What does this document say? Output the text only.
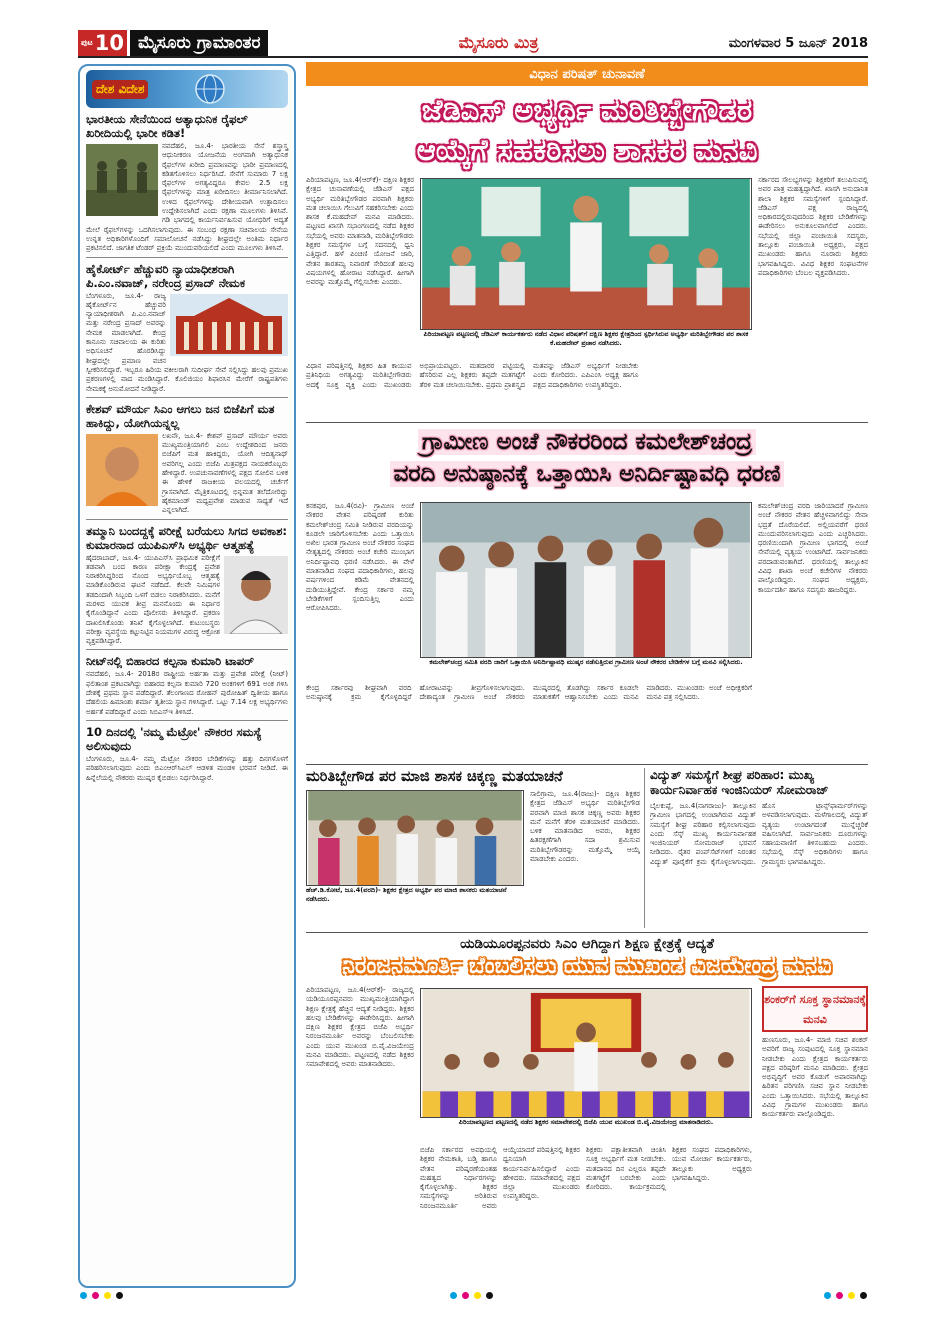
ಪುಟ 10 ಮೈಸೂರು ಗ್ರಾಮಾಂತರ	ಮೈಸೂರು ಮಿತ್ರ	ಮಂಗಳವಾರ 5 ಜೂನ್ 2018
ದೇಶ ವಿದೇಶ
ಭಾರತೀಯ ಸೇನೆಯಿಂದ ಅತ್ಯಾಧುನಿಕ ರೈಫಲ್ ಖರೀದಿಯಲ್ಲಿ ಭಾರೀ ಕಡಿತ!
ನವದೆಹಲಿ, ಜೂ.4- ಭಾರತೀಯ ಸೇನೆ ಶಸ್ತ್ರಾಸ್ತ್ರ ಆಧುನೀಕರಣ ಯೋಜನೆಯ ಅಂಗವಾಗಿ ಅತ್ಯಾಧುನಿಕ ರೈಫಲ್‌ಗಳ ಖರೀದಿ ಪ್ರಮಾಣವನ್ನು ಭಾರೀ ಪ್ರಮಾಣದಲ್ಲಿ ಕಡಿತಗೊಳಿಸಲು ನಿರ್ಧರಿಸಿದೆ. ಸೇನೆಗೆ ಸುಮಾರು 7 ಲಕ್ಷ ರೈಫಲ್‌ಗಳ ಅಗತ್ಯವಿದ್ದರೂ ಕೇವಲ 2.5 ಲಕ್ಷ ರೈಫಲ್‌ಗಳನ್ನು ಮಾತ್ರ ಖರೀದಿಸಲು ತೀರ್ಮಾನಿಸಲಾಗಿದೆ. ಉಳಿದ ರೈಫಲ್‌ಗಳನ್ನು ದೇಶೀಯವಾಗಿ ಉತ್ಪಾದಿಸಲು ಉದ್ದೇಶಿಸಲಾಗಿದೆ ಎಂದು ರಕ್ಷಣಾ ಮೂಲಗಳು ತಿಳಿಸಿವೆ. ಗಡಿ ಭಾಗದಲ್ಲಿ ಕಾರ್ಯನಿರ್ವಹಿಸುವ ಯೋಧರಿಗೆ ಆದ್ಯತೆ ಮೇಲೆ ರೈಫಲ್‌ಗಳನ್ನು ಒದಗಿಸಲಾಗುವುದು. ಈ ಸಂಬಂಧ ರಕ್ಷಣಾ ಸಚಿವಾಲಯ ಸೇನೆಯ ಉನ್ನತ ಅಧಿಕಾರಿಗಳೊಂದಿಗೆ ಸಮಾಲೋಚನೆ ನಡೆಸಿದ್ದು ಶೀಘ್ರದಲ್ಲೇ ಅಂತಿಮ ನಿರ್ಧಾರ ಪ್ರಕಟಿಸಲಿದೆ. ಜಾಗತಿಕ ಟೆಂಡರ್ ಪ್ರಕ್ರಿಯೆ ಮುಂದುವರಿಯಲಿದೆ ಎಂದು ಮೂಲಗಳು ತಿಳಿಸಿವೆ.
ಹೈಕೋರ್ಟ್ ಹೆಚ್ಚುವರಿ ನ್ಯಾಯಾಧೀಶರಾಗಿ ಪಿ.ಎಂ.ನವಾಜ್, ನರೇಂದ್ರ ಪ್ರಸಾದ್ ನೇಮಕ
ಬೆಂಗಳೂರು, ಜೂ.4- ರಾಜ್ಯ ಹೈಕೋರ್ಟ್‌ನ ಹೆಚ್ಚುವರಿ ನ್ಯಾಯಾಧೀಶರಾಗಿ ಪಿ.ಎಂ.ನವಾಜ್ ಮತ್ತು ನರೇಂದ್ರ ಪ್ರಸಾದ್ ಅವರನ್ನು ನೇಮಕ ಮಾಡಲಾಗಿದೆ. ಕೇಂದ್ರ ಕಾನೂನು ಸಚಿವಾಲಯ ಈ ಕುರಿತು ಅಧಿಸೂಚನೆ ಹೊರಡಿಸಿದ್ದು ಶೀಘ್ರದಲ್ಲೇ ಪ್ರಮಾಣ ವಚನ ಸ್ವೀಕರಿಸಲಿದ್ದಾರೆ. ಇಬ್ಬರೂ ಹಿರಿಯ ವಕೀಲರಾಗಿ ಸುದೀರ್ಘ ಸೇವೆ ಸಲ್ಲಿಸಿದ್ದು ಹಲವು ಪ್ರಮುಖ ಪ್ರಕರಣಗಳಲ್ಲಿ ವಾದ ಮಂಡಿಸಿದ್ದಾರೆ. ಕೊಲಿಜಿಯಂ ಶಿಫಾರಸಿನ ಮೇರೆಗೆ ರಾಷ್ಟ್ರಪತಿಗಳು ನೇಮಕಕ್ಕೆ ಅನುಮೋದನೆ ನೀಡಿದ್ದಾರೆ.
ಕೇಶವ್ ಮೌರ್ಯ ಸಿಎಂ ಆಗಲು ಜನ ಬಿಜೆಪಿಗೆ ಮತ ಹಾಕಿದ್ದು, ಯೋಗಿಯನ್ನಲ್ಲ
ಲಖನೌ, ಜೂ.4- ಕೇಶವ್ ಪ್ರಸಾದ್ ಮೌರ್ಯ ಅವರು ಮುಖ್ಯಮಂತ್ರಿಯಾಗಲಿ ಎಂಬ ಉದ್ದೇಶದಿಂದ ಜನರು ಬಿಜೆಪಿಗೆ ಮತ ಹಾಕಿದ್ದರು, ಯೋಗಿ ಆದಿತ್ಯನಾಥ್ ಅವರಿಗಲ್ಲ ಎಂದು ಬಿಜೆಪಿ ಮಿತ್ರಪಕ್ಷದ ನಾಯಕರೊಬ್ಬರು ಹೇಳಿದ್ದಾರೆ. ಉಪಚುನಾವಣೆಗಳಲ್ಲಿ ಪಕ್ಷದ ಸೋಲಿನ ಬಳಿಕ ಈ ಹೇಳಿಕೆ ರಾಜಕೀಯ ವಲಯದಲ್ಲಿ ಚರ್ಚೆಗೆ ಗ್ರಾಸವಾಗಿದೆ. ಮೈತ್ರಿಕೂಟದಲ್ಲಿ ಭಿನ್ನಮತ ತಲೆದೋರಿದ್ದು ಹೈಕಮಾಂಡ್ ಮಧ್ಯಪ್ರವೇಶ ಮಾಡುವ ಸಾಧ್ಯತೆ ಇದೆ ಎನ್ನಲಾಗಿದೆ.
ತಮ್ಮಾನಿ ಬಂದದ್ದಕ್ಕೆ ಪರೀಕ್ಷೆ ಬರೆಯಲು ಸಿಗದ ಅವಕಾಶ: ಕುಮಾರನಾದ ಯುಪಿಎಸ್‌ಸಿ ಅಭ್ಯರ್ಥಿ ಆತ್ಮಹತ್ಯೆ
ಹೈದರಾಬಾದ್, ಜೂ.4- ಯುಪಿಎಸ್‌ಸಿ ಪ್ರಾಥಮಿಕ ಪರೀಕ್ಷೆಗೆ ತಡವಾಗಿ ಬಂದ ಕಾರಣ ಪರೀಕ್ಷಾ ಕೇಂದ್ರಕ್ಕೆ ಪ್ರವೇಶ ನಿರಾಕರಿಸಿದ್ದರಿಂದ ನೊಂದ ಅಭ್ಯರ್ಥಿಯೊಬ್ಬ ಆತ್ಮಹತ್ಯೆ ಮಾಡಿಕೊಂಡಿರುವ ಘಟನೆ ನಡೆದಿದೆ. ಕೆಲವೇ ನಿಮಿಷಗಳ ತಡದಿಂದಾಗಿ ಸಿಬ್ಬಂದಿ ಒಳಗೆ ಬಿಡಲು ನಿರಾಕರಿಸಿದರು. ಮನೆಗೆ ಮರಳಿದ ಯುವಕ ತೀವ್ರ ಮನನೊಂದು ಈ ನಿರ್ಧಾರ ಕೈಗೊಂಡಿದ್ದಾನೆ ಎಂದು ಪೊಲೀಸರು ತಿಳಿಸಿದ್ದಾರೆ. ಪ್ರಕರಣ ದಾಖಲಿಸಿಕೊಂಡು ತನಿಖೆ ಕೈಗೊಳ್ಳಲಾಗಿದೆ. ಕುಟುಂಬಸ್ಥರು ಪರೀಕ್ಷಾ ವ್ಯವಸ್ಥೆಯ ಕಟ್ಟುನಿಟ್ಟಿನ ನಿಯಮಗಳ ವಿರುದ್ಧ ಆಕ್ರೋಶ ವ್ಯಕ್ತಪಡಿಸಿದ್ದಾರೆ.
ನೀಟ್‌ನಲ್ಲಿ ಬಿಹಾರದ ಕಲ್ಪನಾ ಕುಮಾರಿ ಟಾಪರ್
ನವದೆಹಲಿ, ಜೂ.4- 2018ರ ರಾಷ್ಟ್ರೀಯ ಅರ್ಹತಾ ಮತ್ತು ಪ್ರವೇಶ ಪರೀಕ್ಷೆ (ನೀಟ್) ಫಲಿತಾಂಶ ಪ್ರಕಟವಾಗಿದ್ದು ಬಿಹಾರದ ಕಲ್ಪನಾ ಕುಮಾರಿ 720 ಅಂಕಗಳಿಗೆ 691 ಅಂಕ ಗಳಿಸಿ ದೇಶಕ್ಕೆ ಪ್ರಥಮ ಸ್ಥಾನ ಪಡೆದಿದ್ದಾರೆ. ತೆಲಂಗಾಣದ ರೋಹನ್ ಪುರೋಹಿತ್ ದ್ವಿತೀಯ ಹಾಗೂ ದೆಹಲಿಯ ಹಿಮಾಂಶು ಶರ್ಮಾ ತೃತೀಯ ಸ್ಥಾನ ಗಳಿಸಿದ್ದಾರೆ. ಒಟ್ಟು 7.14 ಲಕ್ಷ ಅಭ್ಯರ್ಥಿಗಳು ಅರ್ಹತೆ ಪಡೆದಿದ್ದಾರೆ ಎಂದು ಸಿಬಿಎಸ್‌ಇ ತಿಳಿಸಿದೆ.
10 ದಿನದಲ್ಲಿ 'ನಮ್ಮ ಮೆಟ್ರೋ' ನೌಕರರ ಸಮಸ್ಯೆ ಅಲಿಸುವುದು
ಬೆಂಗಳೂರು, ಜೂ.4- ನಮ್ಮ ಮೆಟ್ರೋ ನೌಕರರ ಬೇಡಿಕೆಗಳನ್ನು ಹತ್ತು ದಿನಗಳೊಳಗೆ ಪರಿಹರಿಸಲಾಗುವುದು ಎಂದು ಬಿಎಂಆರ್‌ಸಿಎಲ್ ಆಡಳಿತ ಮಂಡಳಿ ಭರವಸೆ ನೀಡಿದೆ. ಈ ಹಿನ್ನೆಲೆಯಲ್ಲಿ ನೌಕರರು ಮುಷ್ಕರ ಕೈಬಿಡಲು ನಿರ್ಧರಿಸಿದ್ದಾರೆ.
ವಿಧಾನ ಪರಿಷತ್ ಚುನಾವಣೆ
ಜೆಡಿಎಸ್ ಅಭ್ಯರ್ಥಿ ಮರಿತಿಬ್ಬೇಗೌಡರ
ಆಯ್ಕೆಗೆ ಸಹಕರಿಸಲು ಶಾಸಕರ ಮನವಿ
ಪಿರಿಯಾಪಟ್ಟಣ, ಜೂ.4(ಆರ್‌ಕೆ)- ದಕ್ಷಿಣ ಶಿಕ್ಷಕರ ಕ್ಷೇತ್ರದ ಚುನಾವಣೆಯಲ್ಲಿ ಜೆಡಿಎಸ್ ಪಕ್ಷದ ಅಭ್ಯರ್ಥಿ ಮರಿತಿಬ್ಬೇಗೌಡರ ಪರವಾಗಿ ಶಿಕ್ಷಕರು ಮತ ಚಲಾಯಿಸಿ ಗೆಲುವಿಗೆ ಸಹಕರಿಸಬೇಕು ಎಂದು ಶಾಸಕ ಕೆ.ಮಹದೇವ್ ಮನವಿ ಮಾಡಿದರು. ಪಟ್ಟಣದ ಖಾಸಗಿ ಸಭಾಂಗಣದಲ್ಲಿ ನಡೆದ ಶಿಕ್ಷಕರ ಸಭೆಯಲ್ಲಿ ಅವರು ಮಾತನಾಡಿ, ಮರಿತಿಬ್ಬೇಗೌಡರು ಶಿಕ್ಷಕರ ಸಮಸ್ಯೆಗಳ ಬಗ್ಗೆ ಸದನದಲ್ಲಿ ಧ್ವನಿ ಎತ್ತಿದ್ದಾರೆ. ಹಳೆ ಪಿಂಚಣಿ ಯೋಜನೆ ಜಾರಿ, ವೇತನ ತಾರತಮ್ಯ ನಿವಾರಣೆ ಸೇರಿದಂತೆ ಹಲವು ವಿಷಯಗಳಲ್ಲಿ ಹೋರಾಟ ನಡೆಸಿದ್ದಾರೆ. ಹೀಗಾಗಿ ಅವರನ್ನು ಮತ್ತೊಮ್ಮೆ ಗೆಲ್ಲಿಸಬೇಕು ಎಂದರು.
ಪಿರಿಯಾಪಟ್ಟಣ ಪಟ್ಟಣದಲ್ಲಿ ಜೆಡಿಎಸ್ ಕಾರ್ಯಕರ್ತರು ನಡೆದ ವಿಧಾನ ಪರಿಷತ್‌ಗೆ ದಕ್ಷಿಣ ಶಿಕ್ಷಕರ ಕ್ಷೇತ್ರದಿಂದ ಸ್ಪರ್ಧಿಸಿರುವ ಅಭ್ಯರ್ಥಿ ಮರಿತಿಬ್ಬೇಗೌಡರ ಪರ ಶಾಸಕ ಕೆ.ಮಹದೇವ್ ಪ್ರಚಾರ ನಡೆಸಿದರು.
ಸರ್ಕಾರದ ಸೌಲಭ್ಯಗಳನ್ನು ಶಿಕ್ಷಕರಿಗೆ ತಲುಪಿಸುವಲ್ಲಿ ಅವರ ಪಾತ್ರ ಮಹತ್ವದ್ದಾಗಿದೆ. ಖಾಸಗಿ ಅನುದಾನಿತ ಶಾಲಾ ಶಿಕ್ಷಕರ ಸಮಸ್ಯೆಗಳಿಗೆ ಸ್ಪಂದಿಸಿದ್ದಾರೆ. ಜೆಡಿಎಸ್ ಪಕ್ಷ ರಾಜ್ಯದಲ್ಲಿ ಅಧಿಕಾರದಲ್ಲಿರುವುದರಿಂದ ಶಿಕ್ಷಕರ ಬೇಡಿಕೆಗಳನ್ನು ಈಡೇರಿಸಲು ಅನುಕೂಲವಾಗಲಿದೆ ಎಂದರು. ಸಭೆಯಲ್ಲಿ ಜಿಲ್ಲಾ ಪಂಚಾಯಿತಿ ಸದಸ್ಯರು, ತಾಲ್ಲೂಕು ಪಂಚಾಯಿತಿ ಅಧ್ಯಕ್ಷರು, ಪಕ್ಷದ ಮುಖಂಡರು ಹಾಗೂ ನೂರಾರು ಶಿಕ್ಷಕರು ಭಾಗವಹಿಸಿದ್ದರು. ವಿವಿಧ ಶಿಕ್ಷಕರ ಸಂಘಟನೆಗಳ ಪದಾಧಿಕಾರಿಗಳು ಬೆಂಬಲ ವ್ಯಕ್ತಪಡಿಸಿದರು.
ವಿಧಾನ ಪರಿಷತ್ತಿನಲ್ಲಿ ಶಿಕ್ಷಕರ ಹಿತ ಕಾಯುವ ಪ್ರತಿನಿಧಿಯ ಅಗತ್ಯವಿದ್ದು ಮರಿತಿಬ್ಬೇಗೌಡರು ಅದಕ್ಕೆ ಸೂಕ್ತ ವ್ಯಕ್ತಿ ಎಂದು ಮುಖಂಡರು ಅಭಿಪ್ರಾಯಪಟ್ಟರು. ಮತದಾರರ ಪಟ್ಟಿಯಲ್ಲಿ ಹೆಸರಿರುವ ಎಲ್ಲ ಶಿಕ್ಷಕರು ತಪ್ಪದೇ ಮತಗಟ್ಟೆಗೆ ತೆರಳಿ ಮತ ಚಲಾಯಿಸಬೇಕು. ಪ್ರಥಮ ಪ್ರಾಶಸ್ತ್ಯದ ಮತವನ್ನು ಜೆಡಿಎಸ್ ಅಭ್ಯರ್ಥಿಗೆ ನೀಡಬೇಕು ಎಂದು ಕೋರಿದರು. ಎಪಿಎಂಸಿ ಅಧ್ಯಕ್ಷ ಹಾಗೂ ಪಕ್ಷದ ಪದಾಧಿಕಾರಿಗಳು ಉಪಸ್ಥಿತರಿದ್ದರು.
ಗ್ರಾಮೀಣ ಅಂಚೆ ನೌಕರರಿಂದ ಕಮಲೇಶ್‌ಚಂದ್ರ
ವರದಿ ಅನುಷ್ಠಾನಕ್ಕೆ ಒತ್ತಾಯಿಸಿ ಅನಿರ್ದಿಷ್ಟಾವಧಿ ಧರಣಿ
ಕನಕಪುರ, ಜೂ.4(ರವಿ)- ಗ್ರಾಮೀಣ ಅಂಚೆ ನೌಕರರ ವೇತನ ಪರಿಷ್ಕರಣೆ ಕುರಿತು ಕಮಲೇಶ್‌ಚಂದ್ರ ಸಮಿತಿ ನೀಡಿರುವ ವರದಿಯನ್ನು ಕೂಡಲೇ ಜಾರಿಗೊಳಿಸಬೇಕು ಎಂದು ಒತ್ತಾಯಿಸಿ ಅಖಿಲ ಭಾರತ ಗ್ರಾಮೀಣ ಅಂಚೆ ನೌಕರರ ಸಂಘದ ನೇತೃತ್ವದಲ್ಲಿ ನೌಕರರು ಅಂಚೆ ಕಚೇರಿ ಮುಂಭಾಗ ಅನಿರ್ದಿಷ್ಟಾವಧಿ ಧರಣಿ ನಡೆಸಿದರು. ಈ ವೇಳೆ ಮಾತನಾಡಿದ ಸಂಘದ ಪದಾಧಿಕಾರಿಗಳು, ಹಲವು ವರ್ಷಗಳಿಂದ ಕಡಿಮೆ ವೇತನದಲ್ಲಿ ದುಡಿಯುತ್ತಿದ್ದೇವೆ. ಕೇಂದ್ರ ಸರ್ಕಾರ ನಮ್ಮ ಬೇಡಿಕೆಗಳಿಗೆ ಸ್ಪಂದಿಸುತ್ತಿಲ್ಲ ಎಂದು ಆರೋಪಿಸಿದರು.
ಕಮಲೇಶ್‌ಚಂದ್ರ ಸಮಿತಿ ವರದಿ ಜಾರಿಗೆ ಒತ್ತಾಯಿಸಿ ಅನಿರ್ದಿಷ್ಟಾವಧಿ ಮುಷ್ಕರ ನಡೆಸುತ್ತಿರುವ ಗ್ರಾಮೀಣ ಅಂಚೆ ನೌಕರರ ಬೇಡಿಕೆಗಳ ಬಗ್ಗೆ ಮನವಿ ಸಲ್ಲಿಸಿದರು.
ಕಮಲೇಶ್‌ಚಂದ್ರ ವರದಿ ಜಾರಿಯಾದರೆ ಗ್ರಾಮೀಣ ಅಂಚೆ ನೌಕರರ ವೇತನ ಹೆಚ್ಚಳವಾಗಲಿದ್ದು ಸೇವಾ ಭದ್ರತೆ ದೊರೆಯಲಿದೆ. ಅಲ್ಲಿಯವರೆಗೆ ಧರಣಿ ಮುಂದುವರಿಸಲಾಗುವುದು ಎಂದು ಎಚ್ಚರಿಸಿದರು. ಧರಣಿಯಿಂದಾಗಿ ಗ್ರಾಮೀಣ ಭಾಗದಲ್ಲಿ ಅಂಚೆ ಸೇವೆಯಲ್ಲಿ ವ್ಯತ್ಯಯ ಉಂಟಾಗಿದೆ. ಸಾರ್ವಜನಿಕರು ಪರದಾಡುವಂತಾಗಿದೆ. ಧರಣಿಯಲ್ಲಿ ತಾಲ್ಲೂಕಿನ ವಿವಿಧ ಶಾಖಾ ಅಂಚೆ ಕಚೇರಿಗಳ ನೌಕರರು ಪಾಲ್ಗೊಂಡಿದ್ದರು. ಸಂಘದ ಅಧ್ಯಕ್ಷರು, ಕಾರ್ಯದರ್ಶಿ ಹಾಗೂ ಸದಸ್ಯರು ಹಾಜರಿದ್ದರು.
ಕೇಂದ್ರ ಸರ್ಕಾರವು ಶೀಘ್ರವಾಗಿ ವರದಿ ಅನುಷ್ಠಾನಕ್ಕೆ ಕ್ರಮ ಕೈಗೊಳ್ಳದಿದ್ದರೆ ಹೋರಾಟವನ್ನು ತೀವ್ರಗೊಳಿಸಲಾಗುವುದು. ದೇಶಾದ್ಯಂತ ಗ್ರಾಮೀಣ ಅಂಚೆ ನೌಕರರು ಮುಷ್ಕರದಲ್ಲಿ ತೊಡಗಿದ್ದು ಸರ್ಕಾರ ಕೂಡಲೇ ಮಾತುಕತೆಗೆ ಆಹ್ವಾನಿಸಬೇಕು ಎಂದು ಮನವಿ ಮಾಡಿದರು. ಮುಖಂಡರು ಅಂಚೆ ಅಧೀಕ್ಷಕರಿಗೆ ಮನವಿ ಪತ್ರ ಸಲ್ಲಿಸಿದರು.
ಮರಿತಿಬ್ಬೇಗೌಡ ಪರ ಮಾಜಿ ಶಾಸಕ ಚಿಕ್ಕಣ್ಣ ಮತಯಾಚನೆ
ಹೆಚ್.ಡಿ.ಕೋಟೆ, ಜೂ.4(ವರದಿ)- ಶಿಕ್ಷಕರ ಕ್ಷೇತ್ರದ ಅಭ್ಯರ್ಥಿ ಪರ ಮಾಜಿ ಶಾಸಕರು ಮತಯಾಚನೆ ನಡೆಸಿದರು.
ಸಾಲಿಗ್ರಾಮ, ಜೂ.4(ರಾಜು)- ದಕ್ಷಿಣ ಶಿಕ್ಷಕರ ಕ್ಷೇತ್ರದ ಜೆಡಿಎಸ್ ಅಭ್ಯರ್ಥಿ ಮರಿತಿಬ್ಬೇಗೌಡ ಪರವಾಗಿ ಮಾಜಿ ಶಾಸಕ ಚಿಕ್ಕಣ್ಣ ಅವರು ಶಿಕ್ಷಕರ ಮನೆ ಮನೆಗೆ ತೆರಳಿ ಮತಯಾಚನೆ ಮಾಡಿದರು. ಬಳಿಕ ಮಾತನಾಡಿದ ಅವರು, ಶಿಕ್ಷಕರ ಹಿತರಕ್ಷಣೆಗಾಗಿ ಸದಾ ಶ್ರಮಿಸುವ ಮರಿತಿಬ್ಬೇಗೌಡರನ್ನು ಮತ್ತೊಮ್ಮೆ ಆಯ್ಕೆ ಮಾಡಬೇಕು ಎಂದರು.
ವಿದ್ಯುತ್ ಸಮಸ್ಯೆಗೆ ಶೀಘ್ರ ಪರಿಹಾರ: ಮುಖ್ಯ ಕಾರ್ಯನಿರ್ವಾಹಕ ಇಂಜಿನಿಯರ್ ಸೋಮರಾಜ್
ಬೈಲಕುಪ್ಪೆ, ಜೂ.4(ನಾಗರಾಜು)- ತಾಲ್ಲೂಕಿನ ಗ್ರಾಮೀಣ ಭಾಗದಲ್ಲಿ ಉಂಟಾಗಿರುವ ವಿದ್ಯುತ್ ಸಮಸ್ಯೆಗೆ ಶೀಘ್ರ ಪರಿಹಾರ ಕಲ್ಪಿಸಲಾಗುವುದು ಎಂದು ಸೆಸ್ಕ್ ಮುಖ್ಯ ಕಾರ್ಯನಿರ್ವಾಹಕ ಇಂಜಿನಿಯರ್ ಸೋಮರಾಜ್ ಭರವಸೆ ನೀಡಿದರು. ರೈತರ ಪಂಪ್‌ಸೆಟ್‌ಗಳಿಗೆ ನಿರಂತರ ವಿದ್ಯುತ್ ಪೂರೈಕೆಗೆ ಕ್ರಮ ಕೈಗೊಳ್ಳಲಾಗುವುದು. ಹೊಸ ಟ್ರಾನ್ಸ್‌ಫಾರ್ಮರ್‌ಗಳನ್ನು ಅಳವಡಿಸಲಾಗುವುದು. ಮಳೆಗಾಲದಲ್ಲಿ ವಿದ್ಯುತ್ ವ್ಯತ್ಯಯ ಉಂಟಾಗದಂತೆ ಮುನ್ನೆಚ್ಚರಿಕೆ ವಹಿಸಲಾಗಿದೆ. ಸಾರ್ವಜನಿಕರು ದೂರುಗಳನ್ನು ಸಹಾಯವಾಣಿಗೆ ತಿಳಿಸಬಹುದು ಎಂದರು. ಸಭೆಯಲ್ಲಿ ಸೆಸ್ಕ್ ಅಧಿಕಾರಿಗಳು ಹಾಗೂ ಗ್ರಾಮಸ್ಥರು ಭಾಗವಹಿಸಿದ್ದರು.
ಯಡಿಯೂರಪ್ಪನವರು ಸಿಎಂ ಆಗಿದ್ದಾಗ ಶಿಕ್ಷಣ ಕ್ಷೇತ್ರಕ್ಕೆ ಆದ್ಯತೆ
ನಿರಂಜನಮೂರ್ತಿ ಬೆಂಬಲಿಸಲು ಯುವ ಮುಖಂಡ ವಿಜಯೇಂದ್ರ ಮನವಿ
ಪಿರಿಯಾಪಟ್ಟಣ, ಜೂ.4(ಆರ್‌ಕೆ)- ರಾಜ್ಯದಲ್ಲಿ ಯಡಿಯೂರಪ್ಪನವರು ಮುಖ್ಯಮಂತ್ರಿಯಾಗಿದ್ದಾಗ ಶಿಕ್ಷಣ ಕ್ಷೇತ್ರಕ್ಕೆ ಹೆಚ್ಚಿನ ಆದ್ಯತೆ ನೀಡಿದ್ದರು. ಶಿಕ್ಷಕರ ಹಲವು ಬೇಡಿಕೆಗಳನ್ನು ಈಡೇರಿಸಿದ್ದರು. ಹೀಗಾಗಿ ದಕ್ಷಿಣ ಶಿಕ್ಷಕರ ಕ್ಷೇತ್ರದ ಬಿಜೆಪಿ ಅಭ್ಯರ್ಥಿ ನಿರಂಜನಮೂರ್ತಿ ಅವರನ್ನು ಬೆಂಬಲಿಸಬೇಕು ಎಂದು ಯುವ ಮುಖಂಡ ಬಿ.ವೈ.ವಿಜಯೇಂದ್ರ ಮನವಿ ಮಾಡಿದರು. ಪಟ್ಟಣದಲ್ಲಿ ನಡೆದ ಶಿಕ್ಷಕರ ಸಮಾವೇಶದಲ್ಲಿ ಅವರು ಮಾತನಾಡಿದರು.
ಪಿರಿಯಾಪಟ್ಟಣದ ಪಟ್ಟಣದಲ್ಲಿ ನಡೆದ ಶಿಕ್ಷಕರ ಸಮಾವೇಶದಲ್ಲಿ ಬಿಜೆಪಿ ಯುವ ಮುಖಂಡ ಬಿ.ವೈ.ವಿಜಯೇಂದ್ರ ಮಾತನಾಡಿದರು.
ಬಿಜೆಪಿ ಸರ್ಕಾರದ ಅವಧಿಯಲ್ಲಿ ಶಿಕ್ಷಕರ ನೇಮಕಾತಿ, ಬಡ್ತಿ ಹಾಗೂ ವೇತನ ಪರಿಷ್ಕರಣೆಯಂತಹ ಮಹತ್ವದ ನಿರ್ಧಾರಗಳನ್ನು ಕೈಗೊಳ್ಳಲಾಗಿತ್ತು. ಶಿಕ್ಷಕರ ಸಮಸ್ಯೆಗಳನ್ನು ಅರಿತಿರುವ ನಿರಂಜನಮೂರ್ತಿ ಅವರು ಆಯ್ಕೆಯಾದರೆ ಪರಿಷತ್ತಿನಲ್ಲಿ ಶಿಕ್ಷಕರ ಧ್ವನಿಯಾಗಿ ಕಾರ್ಯನಿರ್ವಹಿಸಲಿದ್ದಾರೆ ಎಂದು ಹೇಳಿದರು. ಸಮಾವೇಶದಲ್ಲಿ ಪಕ್ಷದ ಜಿಲ್ಲಾ ಮುಖಂಡರು ಉಪಸ್ಥಿತರಿದ್ದರು.
ಶಿಕ್ಷಕರು ಪಕ್ಷಾತೀತವಾಗಿ ಚಿಂತಿಸಿ ಸೂಕ್ತ ಅಭ್ಯರ್ಥಿಗೆ ಮತ ನೀಡಬೇಕು. ಮತದಾನದ ದಿನ ಎಲ್ಲರೂ ತಪ್ಪದೇ ಮತಗಟ್ಟೆಗೆ ಬರಬೇಕು ಎಂದು ಕೋರಿದರು. ಕಾರ್ಯಕ್ರಮದಲ್ಲಿ ಶಿಕ್ಷಕರ ಸಂಘದ ಪದಾಧಿಕಾರಿಗಳು, ಯುವ ಮೋರ್ಚಾ ಕಾರ್ಯಕರ್ತರು, ತಾಲ್ಲೂಕು ಅಧ್ಯಕ್ಷರು ಭಾಗವಹಿಸಿದ್ದರು.
ಶಂಕರ್‌ಗೆ ಸೂಕ್ತ ಸ್ಥಾನಮಾನಕ್ಕೆ ಮನವಿ
ಹುಣಸೂರು, ಜೂ.4- ಮಾಜಿ ಸಚಿವ ಶಂಕರ್ ಅವರಿಗೆ ರಾಜ್ಯ ಸಂಪುಟದಲ್ಲಿ ಸೂಕ್ತ ಸ್ಥಾನಮಾನ ನೀಡಬೇಕು ಎಂದು ಕ್ಷೇತ್ರದ ಕಾರ್ಯಕರ್ತರು ಪಕ್ಷದ ವರಿಷ್ಠರಿಗೆ ಮನವಿ ಮಾಡಿದರು. ಕ್ಷೇತ್ರದ ಅಭಿವೃದ್ಧಿಗೆ ಅವರ ಕೊಡುಗೆ ಅಪಾರವಾಗಿದ್ದು ಹಿರಿತನ ಪರಿಗಣಿಸಿ ಸಚಿವ ಸ್ಥಾನ ನೀಡಬೇಕು ಎಂದು ಒತ್ತಾಯಿಸಿದರು. ಸಭೆಯಲ್ಲಿ ತಾಲ್ಲೂಕಿನ ವಿವಿಧ ಗ್ರಾಮಗಳ ಮುಖಂಡರು ಹಾಗೂ ಕಾರ್ಯಕರ್ತರು ಪಾಲ್ಗೊಂಡಿದ್ದರು.
